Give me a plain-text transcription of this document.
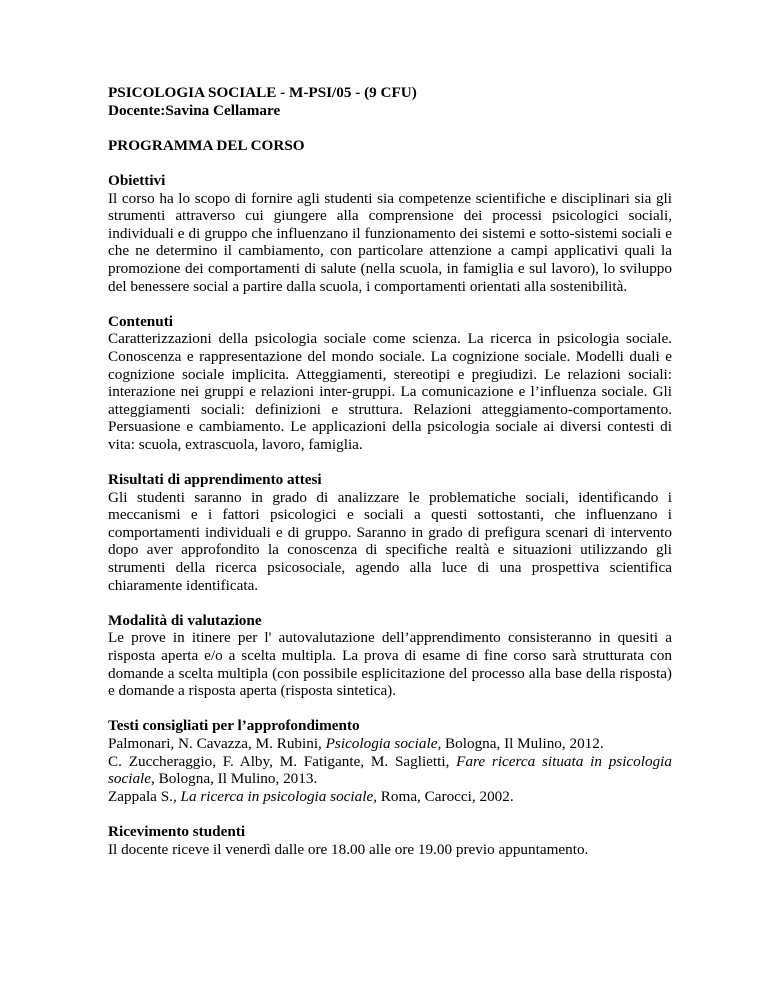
PSICOLOGIA SOCIALE - M-PSI/05 - (9 CFU)

Docente:Savina Cellamare

PROGRAMMA DEL CORSO

Obiettivi

Il corso ha lo scopo di fornire agli studenti sia competenze scientifiche e disciplinari sia gli strumenti attraverso cui giungere alla comprensione dei processi psicologici sociali, individuali e di gruppo che influenzano il funzionamento dei sistemi e sotto-sistemi sociali e che ne determino il cambiamento, con particolare attenzione a campi applicativi quali la promozione dei comportamenti di salute (nella scuola, in famiglia e sul lavoro), lo sviluppo del benessere social a partire dalla scuola, i comportamenti orientati alla sostenibilità.

Contenuti

Caratterizzazioni della psicologia sociale come scienza. La ricerca in psicologia sociale. Conoscenza e rappresentazione del mondo sociale. La cognizione sociale. Modelli duali e cognizione sociale implicita. Atteggiamenti, stereotipi e pregiudizi. Le relazioni sociali: interazione nei gruppi e relazioni inter-gruppi. La comunicazione e l’influenza sociale. Gli atteggiamenti sociali: definizioni e struttura. Relazioni atteggiamento-comportamento. Persuasione e cambiamento. Le applicazioni della psicologia sociale ai diversi contesti di vita: scuola, extrascuola, lavoro, famiglia.

Risultati di apprendimento attesi

Gli studenti saranno in grado di analizzare le problematiche sociali, identificando i meccanismi e i fattori psicologici e sociali a questi sottostanti, che influenzano i comportamenti individuali e di gruppo. Saranno in grado di prefigura scenari di intervento dopo aver approfondito la conoscenza di specifiche realtà e situazioni utilizzando gli strumenti della ricerca psicosociale, agendo alla luce di una prospettiva scientifica chiaramente identificata.

Modalità di valutazione

Le prove in itinere per l' autovalutazione dell’apprendimento consisteranno in quesiti a risposta aperta e/o a scelta multipla. La prova di esame di fine corso sarà strutturata con domande a scelta multipla (con possibile esplicitazione del processo alla base della risposta) e domande a risposta aperta (risposta sintetica).

Testi consigliati per l’approfondimento

Palmonari, N. Cavazza, M. Rubini, Psicologia sociale, Bologna, Il Mulino, 2012.

C. Zuccheraggio, F. Alby, M. Fatigante, M. Saglietti, Fare ricerca situata in psicologia sociale, Bologna, Il Mulino, 2013.

Zappala S., La ricerca in psicologia sociale, Roma, Carocci, 2002.

Ricevimento studenti

Il docente riceve il venerdì dalle ore 18.00 alle ore 19.00 previo appuntamento.
